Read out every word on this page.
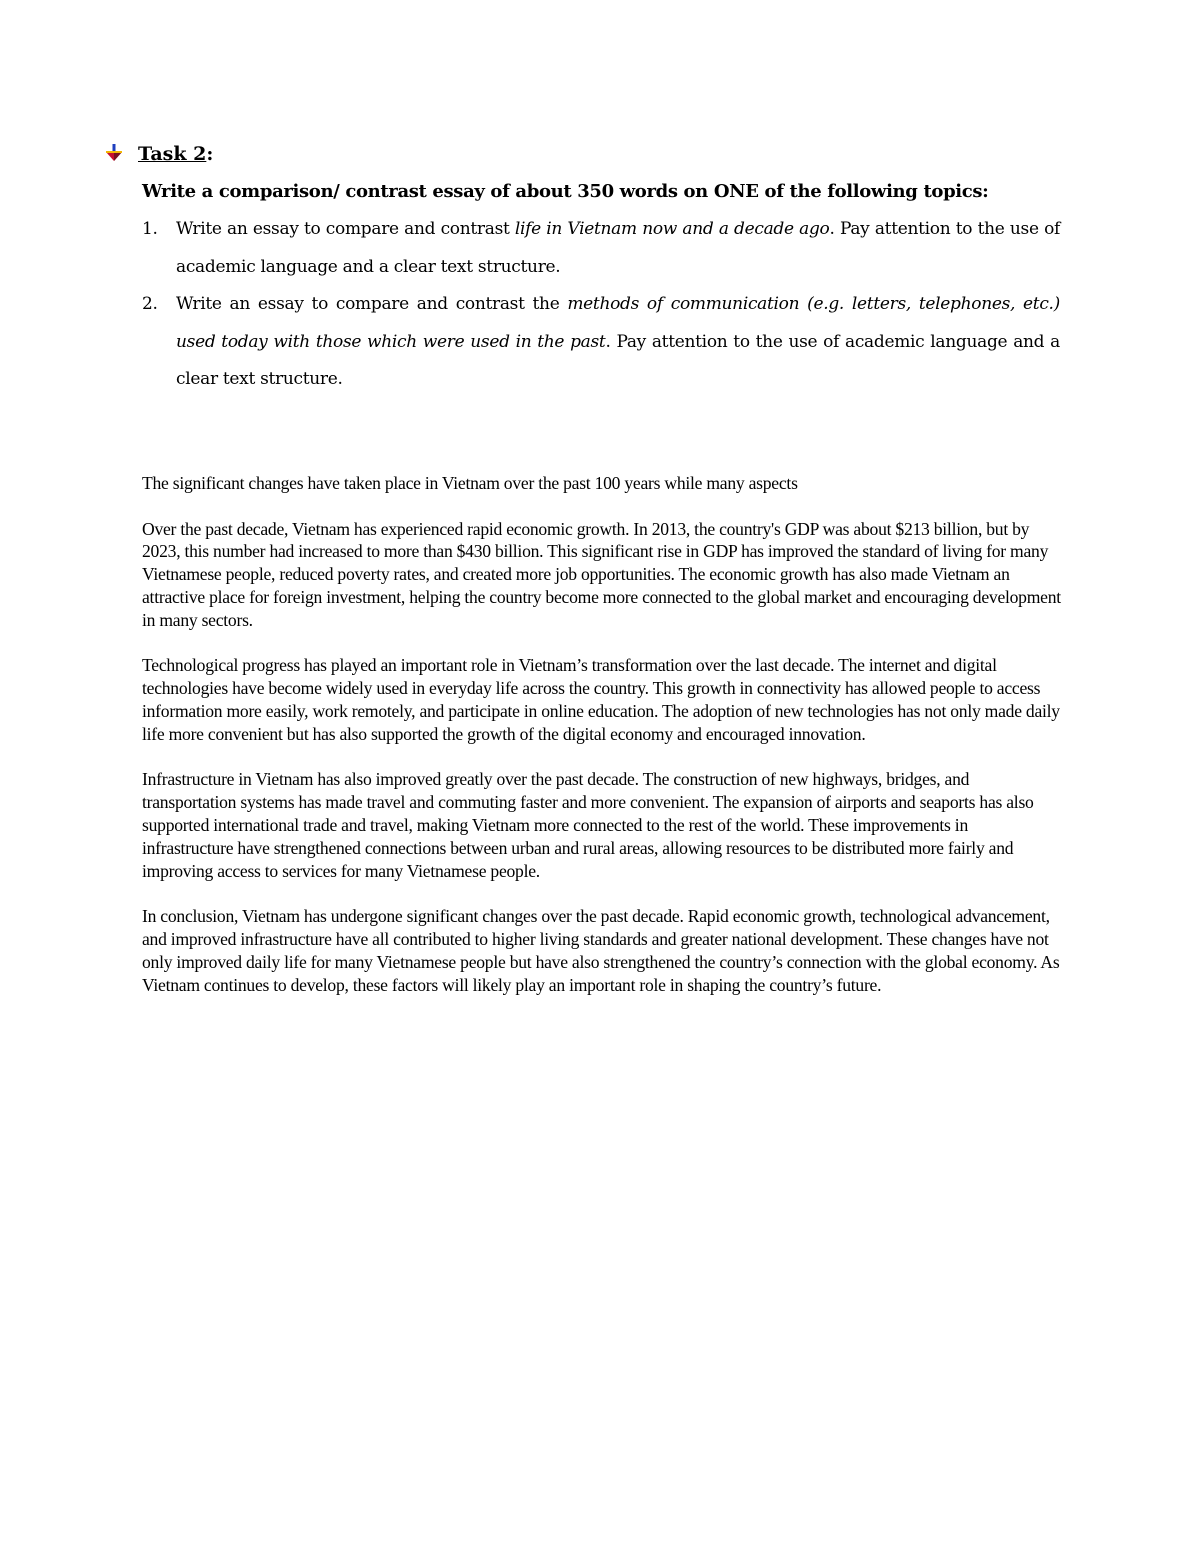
Task 2:
Write a comparison/ contrast essay of about 350 words on ONE of the following topics:
1. Write an essay to compare and contrast life in Vietnam now and a decade ago. Pay attention to the use of academic language and a clear text structure.
2. Write an essay to compare and contrast the methods of communication (e.g. letters, telephones, etc.) used today with those which were used in the past. Pay attention to the use of academic language and a clear text structure.

The significant changes have taken place in Vietnam over the past 100 years while many aspects

Over the past decade, Vietnam has experienced rapid economic growth. In 2013, the country's GDP was about $213 billion, but by 2023, this number had increased to more than $430 billion. This significant rise in GDP has improved the standard of living for many Vietnamese people, reduced poverty rates, and created more job opportunities. The economic growth has also made Vietnam an attractive place for foreign investment, helping the country become more connected to the global market and encouraging development in many sectors.

Technological progress has played an important role in Vietnam’s transformation over the last decade. The internet and digital technologies have become widely used in everyday life across the country. This growth in connectivity has allowed people to access information more easily, work remotely, and participate in online education. The adoption of new technologies has not only made daily life more convenient but has also supported the growth of the digital economy and encouraged innovation.

Infrastructure in Vietnam has also improved greatly over the past decade. The construction of new highways, bridges, and transportation systems has made travel and commuting faster and more convenient. The expansion of airports and seaports has also supported international trade and travel, making Vietnam more connected to the rest of the world. These improvements in infrastructure have strengthened connections between urban and rural areas, allowing resources to be distributed more fairly and improving access to services for many Vietnamese people.

In conclusion, Vietnam has undergone significant changes over the past decade. Rapid economic growth, technological advancement, and improved infrastructure have all contributed to higher living standards and greater national development. These changes have not only improved daily life for many Vietnamese people but have also strengthened the country’s connection with the global economy. As Vietnam continues to develop, these factors will likely play an important role in shaping the country’s future.
